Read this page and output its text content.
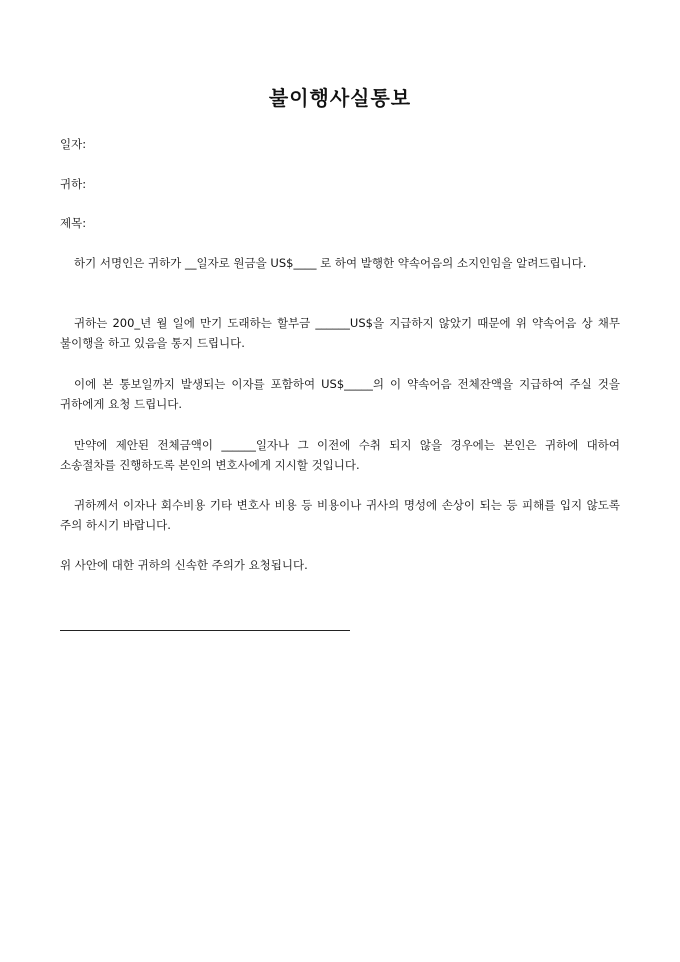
불이행사실통보

일자:

귀하:

제목:

하기 서명인은 귀하가 __일자로 원금을 US$____ 로 하여 발행한 약속어음의 소지인임을 알려드립니다.

귀하는 200_년 월 일에 만기 도래하는 할부금 ______US$을 지급하지 않았기 때문에 위 약속어음 상 채무 불이행을 하고 있음을 통지 드립니다.

이에 본 통보일까지 발생되는 이자를 포함하여 US$_____의 이 약속어음 전체잔액을 지급하여 주실 것을 귀하에게 요청 드립니다.

만약에 제안된 전체금액이 ______일자나 그 이전에 수취 되지 않을 경우에는 본인은 귀하에 대하여 소송절차를 진행하도록 본인의 변호사에게 지시할 것입니다.

귀하께서 이자나 회수비용 기타 변호사 비용 등 비용이나 귀사의 명성에 손상이 되는 등 피해를 입지 않도록 주의 하시기 바랍니다.

위 사안에 대한 귀하의 신속한 주의가 요청됩니다.
